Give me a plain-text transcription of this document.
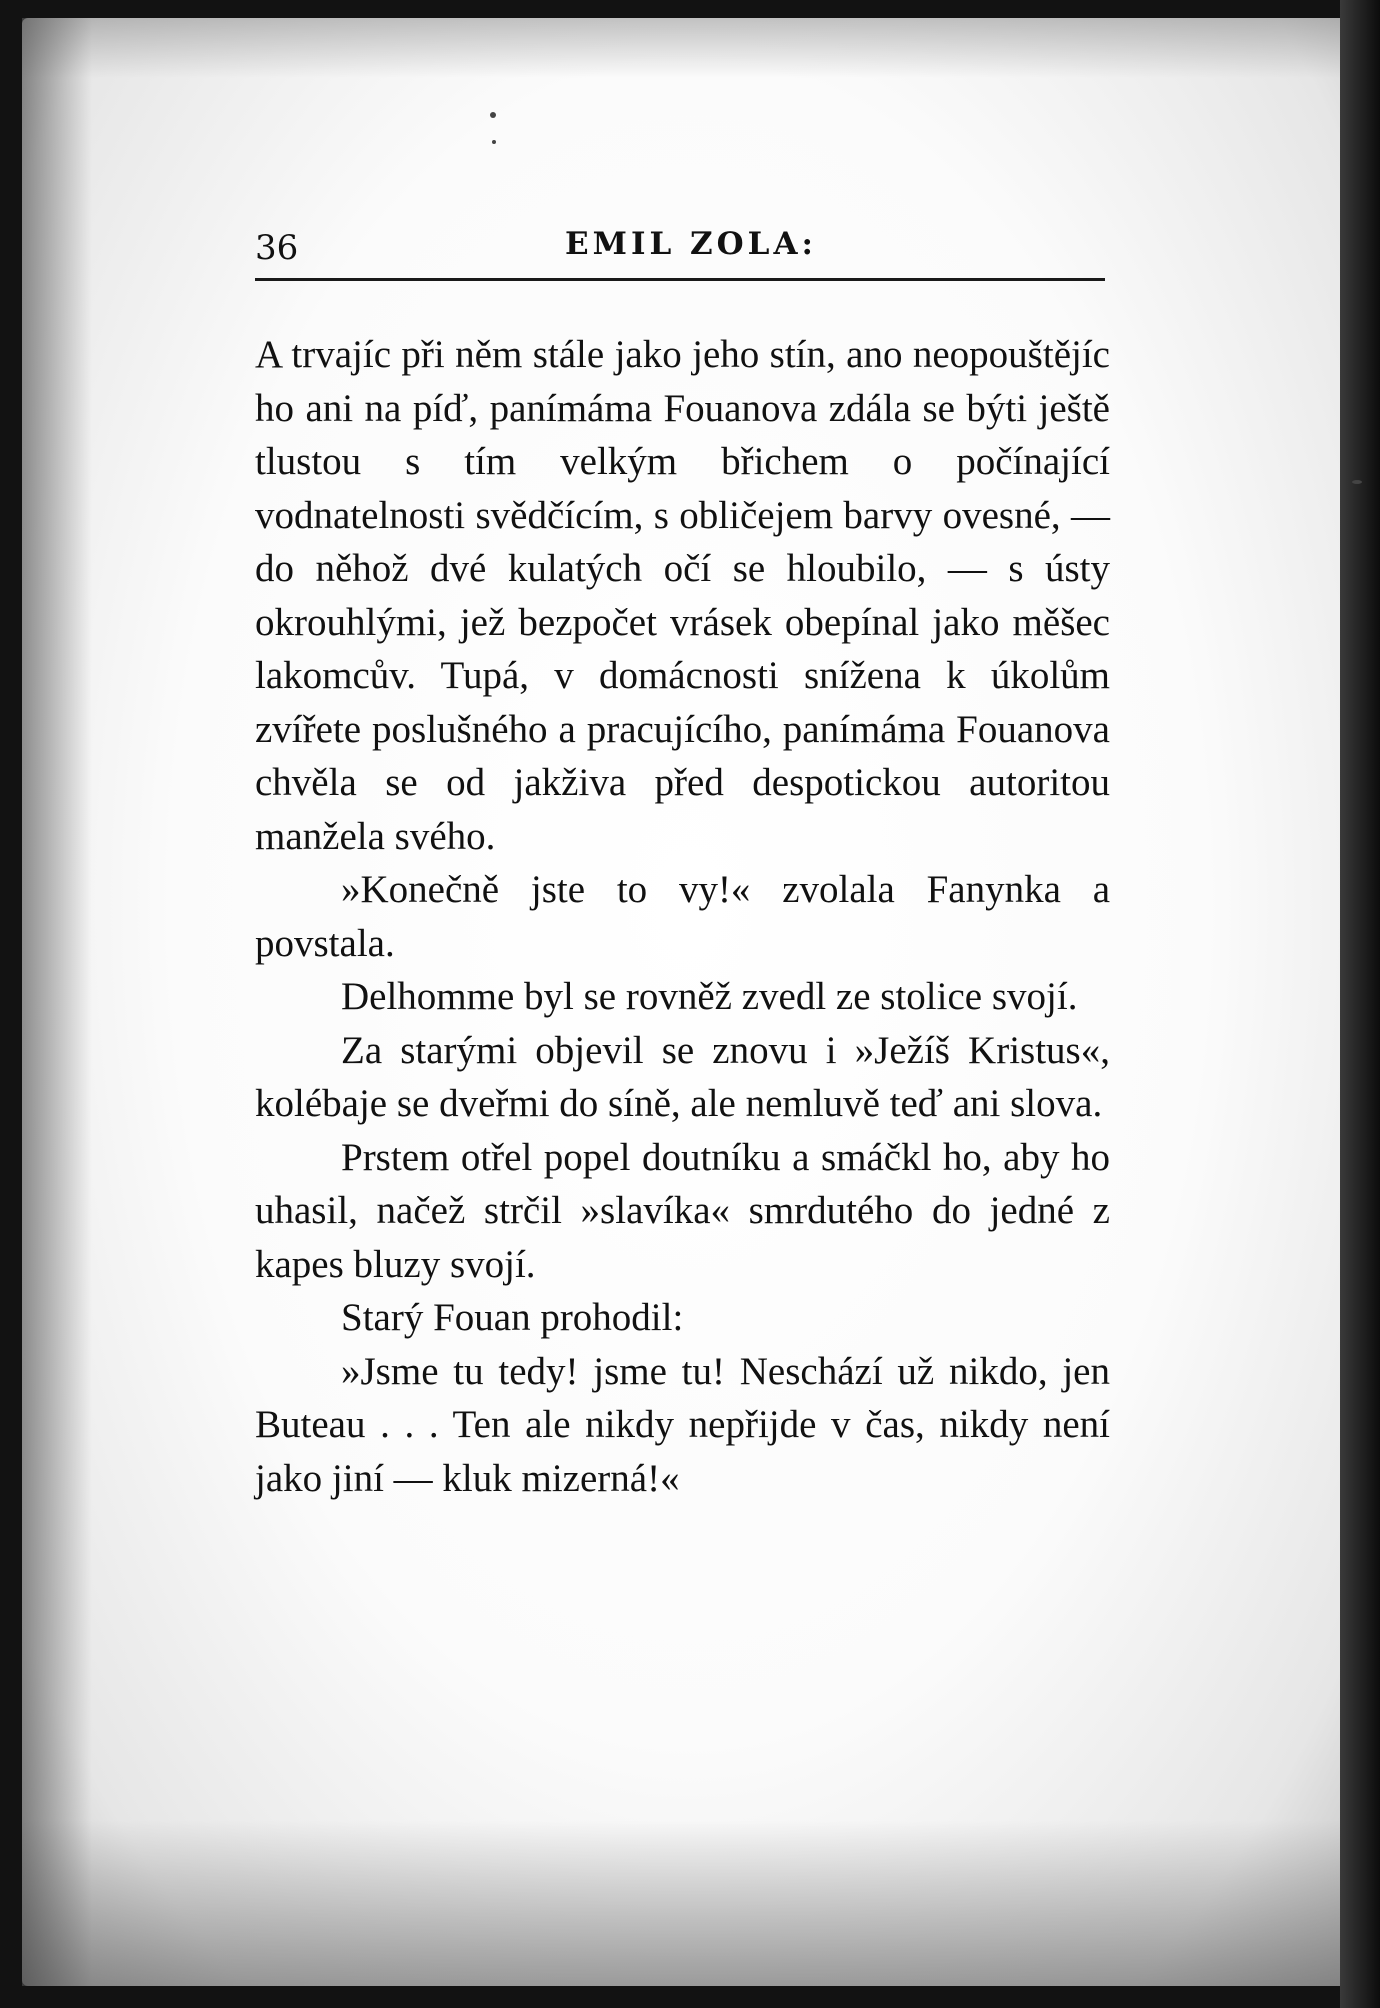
36	EMIL ZOLA:

A trvajíc při něm stále jako jeho stín, ano neopouštějíc ho ani na píď, panímáma Fouanova zdála se býti ještě tlustou s tím velkým břichem o počínající vodnatelnosti svědčícím, s obličejem barvy ovesné, — do něhož dvé kulatých očí se hloubilo, — s ústy okrouhlými, jež bezpočet vrásek obepínal jako měšec lakomcův. Tupá, v domácnosti snížena k úkolům zvířete poslušného a pracujícího, panímáma Fouanova chvěla se od jakživa před despotickou autoritou manžela svého.

»Konečně jste to vy!« zvolala Fanynka a povstala.

Delhomme byl se rovněž zvedl ze stolice svojí.

Za starými objevil se znovu i »Ježíš Kristus«, kolébaje se dveřmi do síně, ale nemluvě teď ani slova.

Prstem otřel popel doutníku a smáčkl ho, aby ho uhasil, načež strčil »slavíka« smrdutého do jedné z kapes bluzy svojí.

Starý Fouan prohodil:

»Jsme tu tedy! jsme tu! Neschází už nikdo, jen Buteau . . . Ten ale nikdy nepřijde v čas, nikdy není jako jiní — kluk mizerná!«
